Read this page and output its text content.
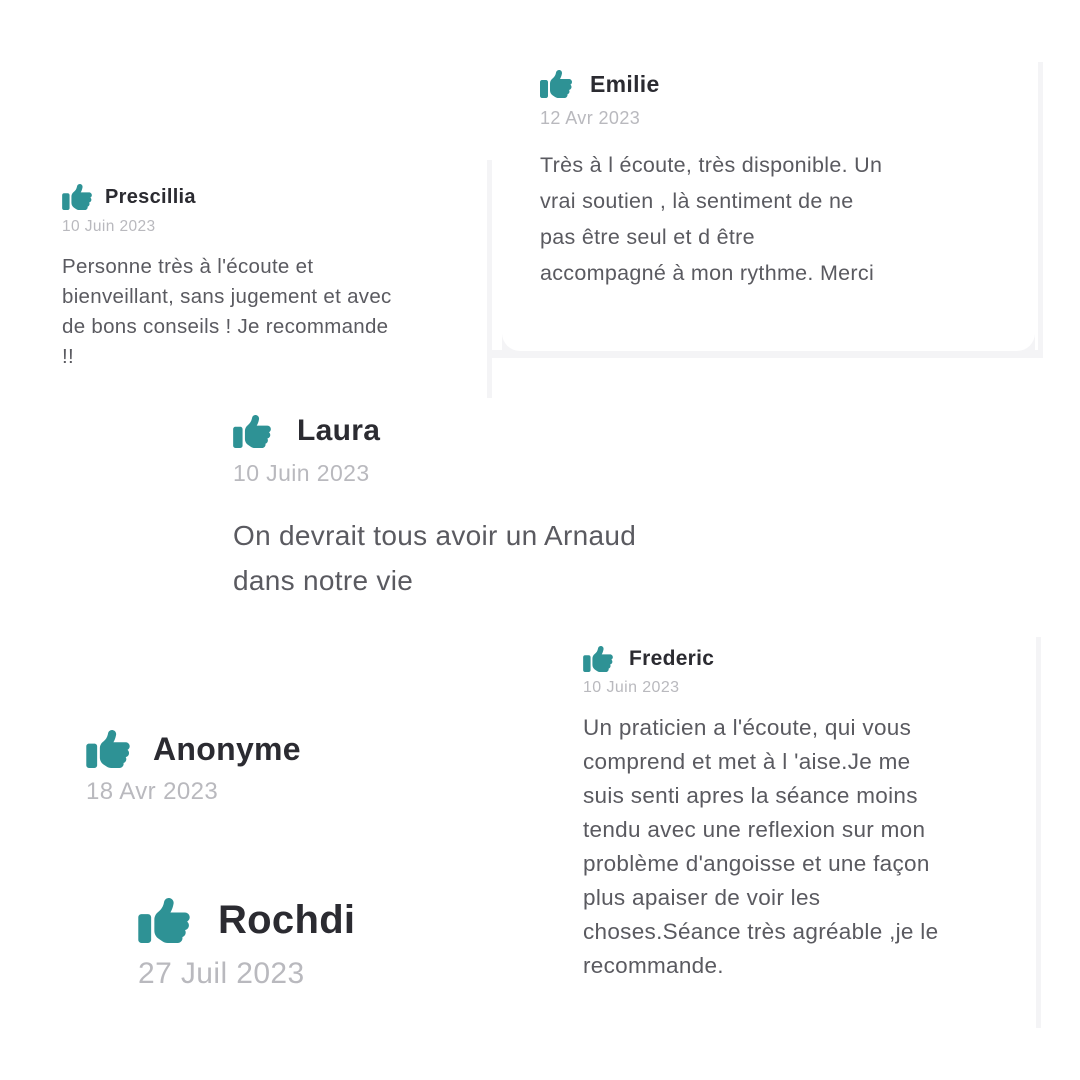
Prescillia
10 Juin 2023
Personne très à l'écoute et
bienveillant, sans jugement et avec
de bons conseils ! Je recommande
!!
Emilie
12 Avr 2023
Très à l écoute, très disponible. Un
vrai soutien , là sentiment de ne
pas être seul et d être
accompagné à mon rythme. Merci
Laura
10 Juin 2023
On devrait tous avoir un Arnaud
dans notre vie
Anonyme
18 Avr 2023
Frederic
10 Juin 2023
Un praticien a l'écoute, qui vous
comprend et met à l 'aise.Je me
suis senti apres la séance moins
tendu avec une reflexion sur mon
problème d'angoisse et une façon
plus apaiser de voir les
choses.Séance très agréable ,je le
recommande.
Rochdi
27 Juil 2023
